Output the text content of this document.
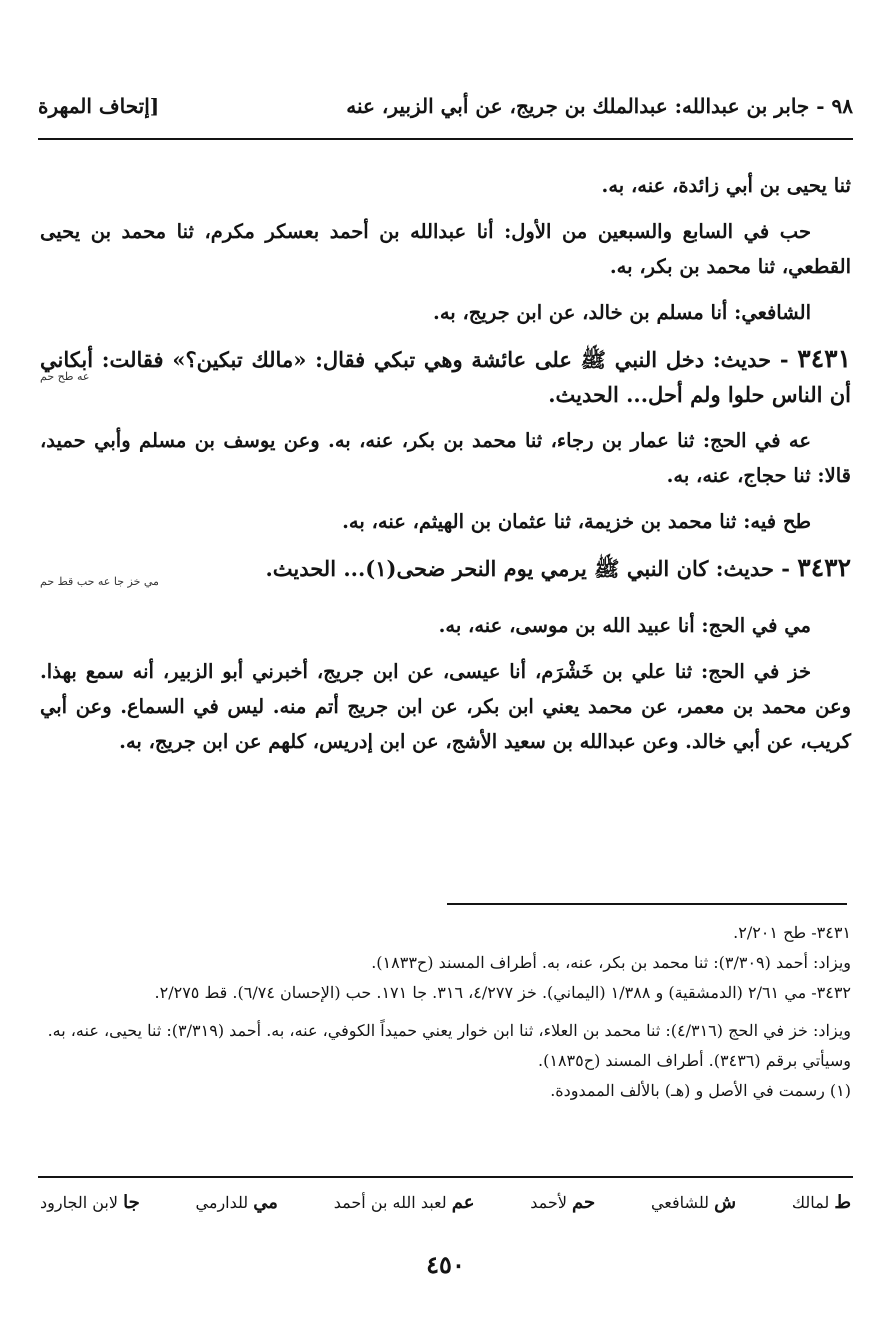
٩٨ - جابر بن عبدالله: عبدالملك بن جريج، عن أبي الزبير، عنه
[إتحاف المهرة

ثنا يحيى بن أبي زائدة، عنه، به.

حب في السابع والسبعين من الأول: أنا عبدالله بن أحمد بعسكر مكرم، ثنا محمد بن يحيى القطعي، ثنا محمد بن بكر، به.

الشافعي: أنا مسلم بن خالد، عن ابن جريج، به.

٣٤٣١ - حديث: دخل النبي ﷺ على عائشة وهي تبكي فقال: «مالك تبكين؟» فقالت: أبكاني أن الناس حلوا ولم أحل... الحديث.
عه طح حم

عه في الحج: ثنا عمار بن رجاء، ثنا محمد بن بكر، عنه، به. وعن يوسف بن مسلم وأبي حميد، قالا: ثنا حجاج، عنه، به.

طح فيه: ثنا محمد بن خزيمة، ثنا عثمان بن الهيثم، عنه، به.

٣٤٣٢ - حديث: كان النبي ﷺ يرمي يوم النحر ضحى(١)... الحديث.
مي خز جا عه حب قط حم

مي في الحج: أنا عبيد الله بن موسى، عنه، به.

خز في الحج: ثنا علي بن خَشْرَم، أنا عيسى، عن ابن جريج، أخبرني أبو الزبير، أنه سمع بهذا. وعن محمد بن معمر، عن محمد يعني ابن بكر، عن ابن جريج أتم منه. ليس في السماع. وعن أبي كريب، عن أبي خالد. وعن عبدالله بن سعيد الأشج، عن ابن إدريس، كلهم عن ابن جريج، به.

٣٤٣١- طح ٢/٢٠١.

ويزاد: أحمد (٣/٣٠٩): ثنا محمد بن بكر، عنه، به. أطراف المسند (ح١٨٣٣).

٣٤٣٢- مي ٢/٦١ (الدمشقية) و ١/٣٨٨ (اليماني). خز ٤/٢٧٧، ٣١٦. جا ١٧١. حب (الإحسان ٦/٧٤). قط ٢/٢٧٥.

ويزاد: خز في الحج (٤/٣١٦): ثنا محمد بن العلاء، ثنا ابن خوار يعني حميداً الكوفي، عنه، به. أحمد (٣/٣١٩): ثنا يحيى، عنه، به. وسيأتي برقم (٣٤٣٦). أطراف المسند (ح١٨٣٥).

(١) رسمت في الأصل و (هـ) بالألف الممدودة.

ط لمالك
ش للشافعي
حم لأحمد
عم لعبد الله بن أحمد
مي للدارمي
جا لابن الجارود
٤٥٠
